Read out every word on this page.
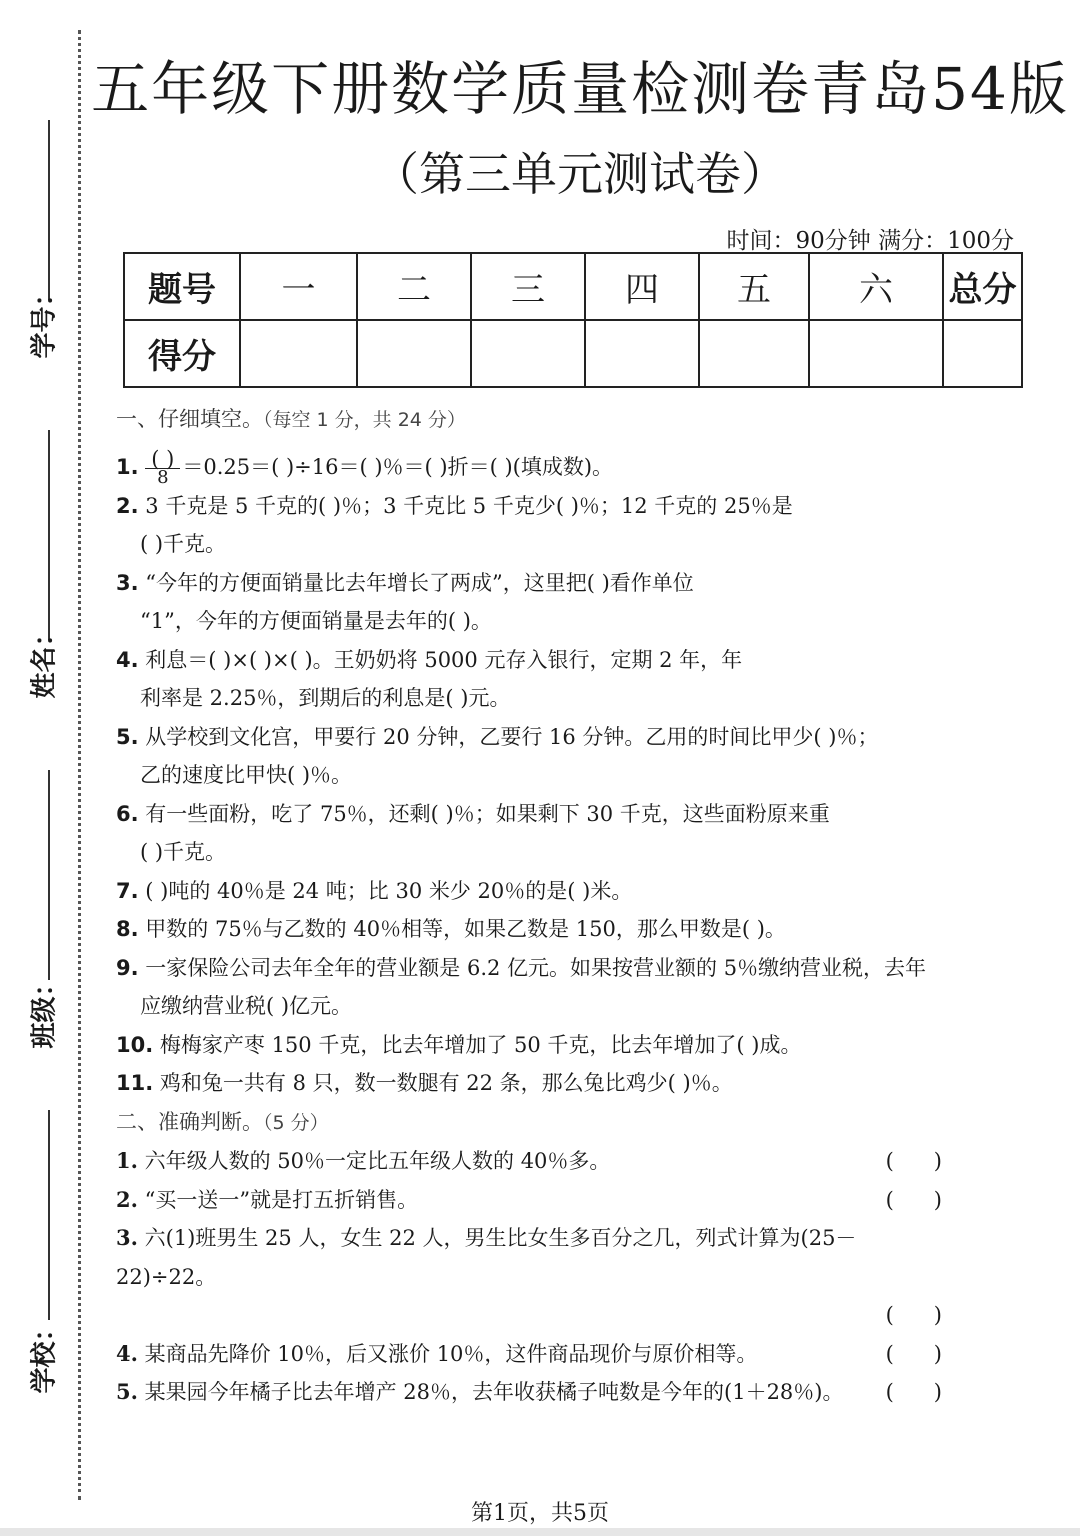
学号：
姓名：
班级：
学校：
五年级下册数学质量检测卷青岛54版
（第三单元测试卷）
时间：90分钟 满分：100分
题号	一	二	三	四	五	六	总分
得分							
一、仔细填空。（每空 1 分，共 24 分）
1. $\frac{( )}{8} =0.25=$( )÷16＝( )％＝( )折＝( )(填成数)。
2. 3 千克是 5 千克的( )％；3 千克比 5 千克少( )％；12 千克的 25％是
( )千克。
3. “今年的方便面销量比去年增长了两成”，这里把( )看作单位
“1”，今年的方便面销量是去年的( )。
4. 利息＝( )×( )×( )。王奶奶将 5000 元存入银行，定期 2 年，年
利率是 2.25％，到期后的利息是( )元。
5. 从学校到文化宫，甲要行 20 分钟，乙要行 16 分钟。乙用的时间比甲少( )％；
乙的速度比甲快( )％。
6. 有一些面粉，吃了 75％，还剩( )％；如果剩下 30 千克，这些面粉原来重
( )千克。
7. ( )吨的 40％是 24 吨；比 30 米少 20％的是( )米。
8. 甲数的 75％与乙数的 40％相等，如果乙数是 150，那么甲数是( )。
9. 一家保险公司去年全年的营业额是 6.2 亿元。如果按营业额的 5％缴纳营业税，去年
应缴纳营业税( )亿元。
10. 梅梅家产枣 150 千克，比去年增加了 50 千克，比去年增加了( )成。
11. 鸡和兔一共有 8 只，数一数腿有 22 条，那么兔比鸡少( )％。
二、准确判断。（5 分）
1. 六年级人数的 50％一定比五年级人数的 40％多。	(      )
2. “买一送一”就是打五折销售。	(      )
3. 六(1)班男生 25 人，女生 22 人，男生比女生多百分之几，列式计算为(25－22)÷22。
(      )
4. 某商品先降价 10％，后又涨价 10％，这件商品现价与原价相等。	(      )
5. 某果园今年橘子比去年增产 28％，去年收获橘子吨数是今年的(1＋28％)。 (      )
第1页，共5页
